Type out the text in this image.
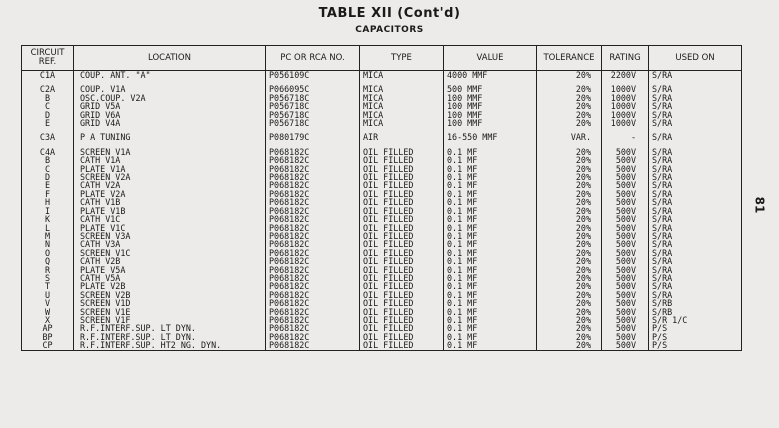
TABLE XII (Cont'd)
CAPACITORS
81
CIRCUIT REF.	LOCATION	PC OR RCA NO.	TYPE	VALUE	TOLERANCE	RATING	USED ON
C1A	COUP. ANT. "A"	P056109C	MICA	4000 MMF	20%	2200V	S/RA

C2A	COUP. V1A	P066095C	MICA	500 MMF	20%	1000V	S/RA
B	OSC.COUP. V2A	P056718C	MICA	100 MMF	20%	1000V	S/RA
C	GRID V5A	P056718C	MICA	100 MMF	20%	1000V	S/RA
D	GRID V6A	P056718C	MICA	100 MMF	20%	1000V	S/RA
E	GRID V4A	P056718C	MICA	100 MMF	20%	1000V	S/RA

C3A	P A TUNING	P080179C	AIR	16-550 MMF	VAR.	-	S/RA

C4A	SCREEN V1A	P068182C	OIL FILLED	0.1 MF	20%	500V	S/RA
B	CATH V1A	P068182C	OIL FILLED	0.1 MF	20%	500V	S/RA
C	PLATE V1A	P068182C	OIL FILLED	0.1 MF	20%	500V	S/RA
D	SCREEN V2A	P068182C	OIL FILLED	0.1 MF	20%	500V	S/RA
E	CATH V2A	P068182C	OIL FILLED	0.1 MF	20%	500V	S/RA
F	PLATE V2A	P068182C	OIL FILLED	0.1 MF	20%	500V	S/RA
H	CATH V1B	P068182C	OIL FILLED	0.1 MF	20%	500V	S/RA
I	PLATE V1B	P068182C	OIL FILLED	0.1 MF	20%	500V	S/RA
K	CATH V1C	P068182C	OIL FILLED	0.1 MF	20%	500V	S/RA
L	PLATE V1C	P068182C	OIL FILLED	0.1 MF	20%	500V	S/RA
M	SCREEN V3A	P068182C	OIL FILLED	0.1 MF	20%	500V	S/RA
N	CATH V3A	P068182C	OIL FILLED	0.1 MF	20%	500V	S/RA
O	SCREEN V1C	P068182C	OIL FILLED	0.1 MF	20%	500V	S/RA
Q	CATH V2B	P068182C	OIL FILLED	0.1 MF	20%	500V	S/RA
R	PLATE V5A	P068182C	OIL FILLED	0.1 MF	20%	500V	S/RA
S	CATH V5A	P068182C	OIL FILLED	0.1 MF	20%	500V	S/RA
T	PLATE V2B	P068182C	OIL FILLED	0.1 MF	20%	500V	S/RA
U	SCREEN V2B	P068182C	OIL FILLED	0.1 MF	20%	500V	S/RA
V	SCREEN V1D	P068182C	OIL FILLED	0.1 MF	20%	500V	S/RB
W	SCREEN V1E	P068182C	OIL FILLED	0.1 MF	20%	500V	S/RB
X	SCREEN V1F	P068182C	OIL FILLED	0.1 MF	20%	500V	S/R 1/C
AP	R.F.INTERF.SUP. LT DYN.	P068182C	OIL FILLED	0.1 MF	20%	500V	P/S
BP	R.F.INTERF.SUP. LT DYN.	P068182C	OIL FILLED	0.1 MF	20%	500V	P/S
CP	R.F.INTERF.SUP. HT2 NG. DYN.	P068182C	OIL FILLED	0.1 MF	20%	500V	P/S
